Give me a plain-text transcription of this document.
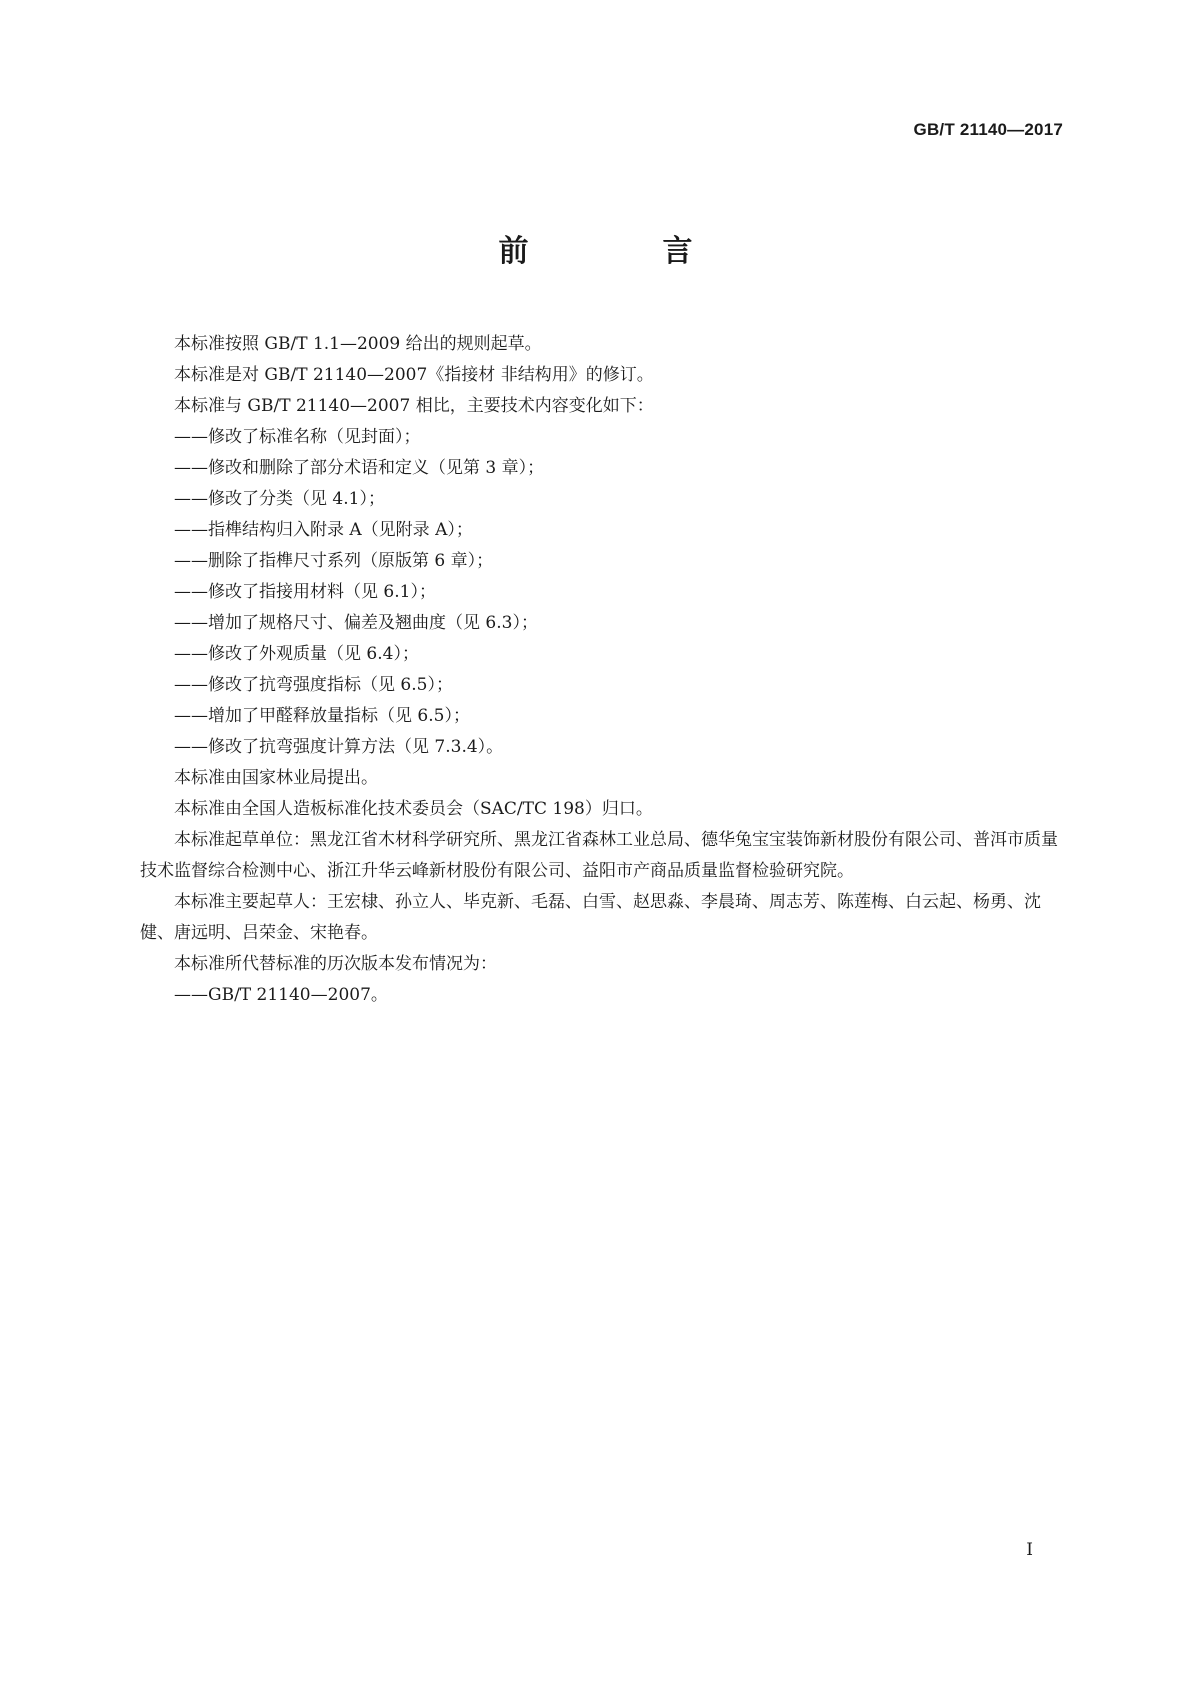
GB/T 21140—2017
前　言

本标准按照 GB/T 1.1—2009 给出的规则起草。

本标准是对 GB/T 21140—2007《指接材 非结构用》的修订。

本标准与 GB/T 21140—2007 相比，主要技术内容变化如下：

——修改了标准名称（见封面）；

——修改和删除了部分术语和定义（见第 3 章）；

——修改了分类（见 4.1）；

——指榫结构归入附录 A（见附录 A）；

——删除了指榫尺寸系列（原版第 6 章）；

——修改了指接用材料（见 6.1）；

——增加了规格尺寸、偏差及翘曲度（见 6.3）；

——修改了外观质量（见 6.4）；

——修改了抗弯强度指标（见 6.5）；

——增加了甲醛释放量指标（见 6.5）；

——修改了抗弯强度计算方法（见 7.3.4）。

本标准由国家林业局提出。

本标准由全国人造板标准化技术委员会（SAC/TC 198）归口。

本标准起草单位：黑龙江省木材科学研究所、黑龙江省森林工业总局、德华兔宝宝装饰新材股份有限公司、普洱市质量技术监督综合检测中心、浙江升华云峰新材股份有限公司、益阳市产商品质量监督检验研究院。

本标准主要起草人：王宏棣、孙立人、毕克新、毛磊、白雪、赵思淼、李晨琦、周志芳、陈莲梅、白云起、杨勇、沈健、唐远明、吕荣金、宋艳春。

本标准所代替标准的历次版本发布情况为：

——GB/T 21140—2007。

I
